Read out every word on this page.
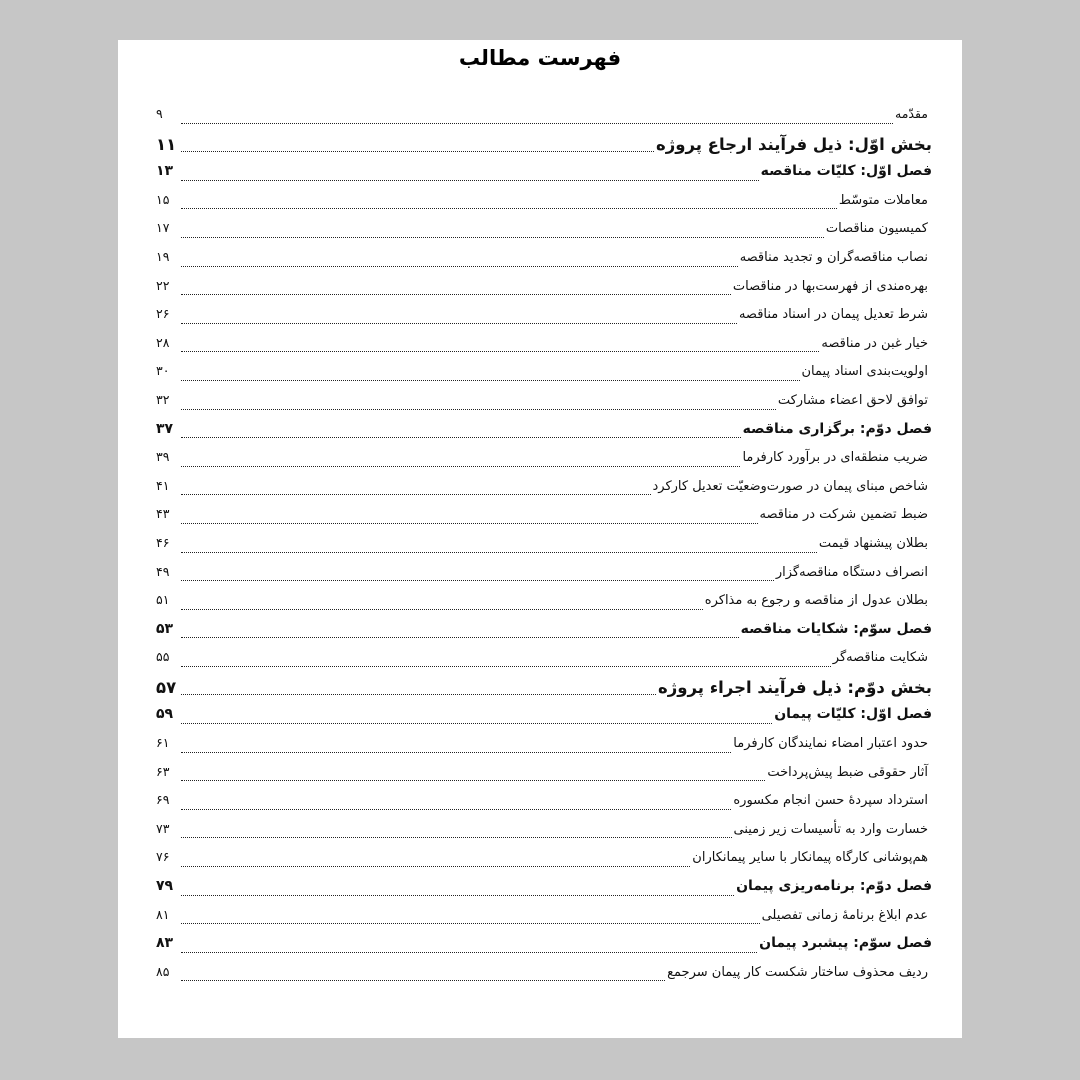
فهرست مطالب
مقدّمه
۹
بخش اوّل: ذیل فرآیند ارجاع پروژه
۱۱
فصل اوّل: کلیّات مناقصه
۱۳
معاملات متوسّط
۱۵
کمیسیون مناقصات
۱۷
نصاب مناقصه‌گران و تجدید مناقصه
۱۹
بهره‌مندی از فهرست‌بها در مناقصات
۲۲
شرط تعدیل پیمان در اسناد مناقصه
۲۶
خیار غبن در مناقصه
۲۸
اولویت‌بندی اسناد پیمان
۳۰
توافق لاحق اعضاء مشارکت
۳۲
فصل دوّم: برگزاری مناقصه
۳۷
ضریب منطقه‌ای در برآورد کارفرما
۳۹
شاخص مبنای پیمان در صورت‌وضعیّت تعدیل کارکرد
۴۱
ضبط تضمین شرکت در مناقصه
۴۳
بطلان پیشنهاد قیمت
۴۶
انصراف دستگاه مناقصه‌گزار
۴۹
بطلان عدول از مناقصه و رجوع به مذاکره
۵۱
فصل سوّم: شکایات مناقصه
۵۳
شکایت مناقصه‌گر
۵۵
بخش دوّم: ذیل فرآیند اجراء پروژه
۵۷
فصل اوّل: کلیّات پیمان
۵۹
حدود اعتبار امضاء نمایندگان کارفرما
۶۱
آثار حقوقی ضبط پیش‌پرداخت
۶۳
استرداد سپردهٔ حسن انجام مکسوره
۶۹
خسارت وارد به تأسیسات زیر زمینی
۷۳
هم‌پوشانی کارگاه پیمانکار با سایر پیمانکاران
۷۶
فصل دوّم: برنامه‌ریزی پیمان
۷۹
عدم ابلاغ برنامهٔ زمانی تفصیلی
۸۱
فصل سوّم: پیشبرد پیمان
۸۳
ردیف محذوف ساختار شکست کار پیمان سرجمع
۸۵
